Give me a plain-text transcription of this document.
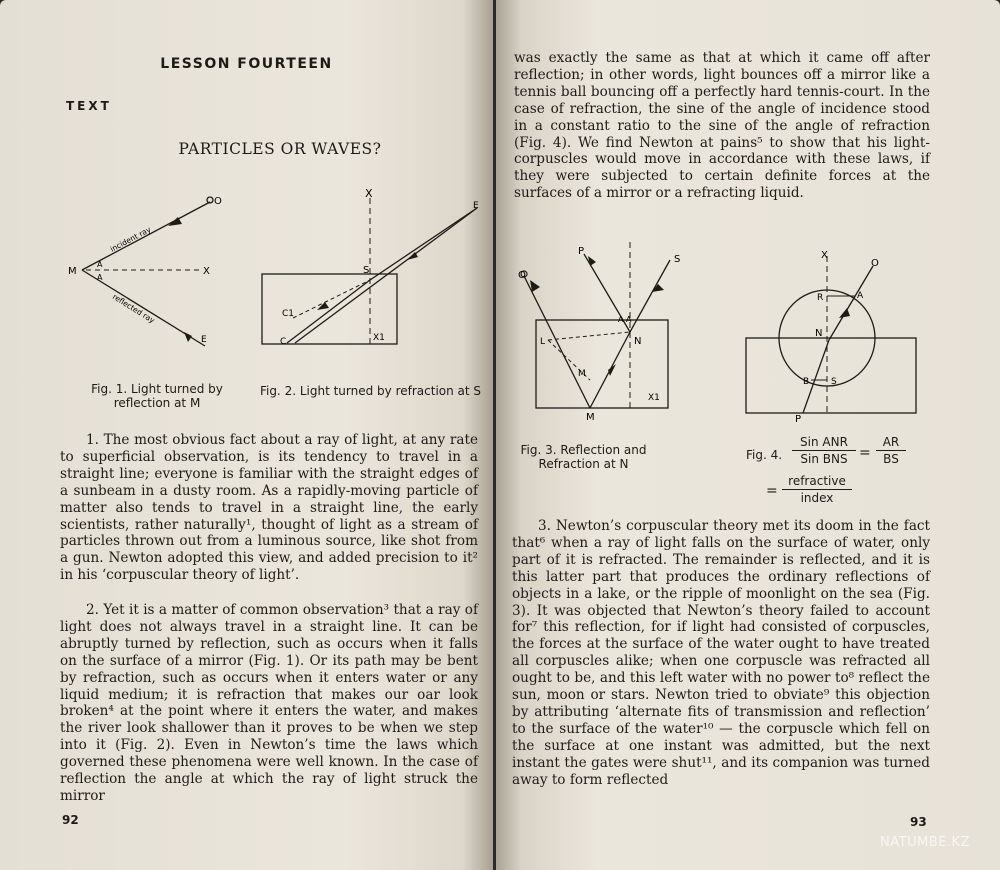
LESSON FOURTEEN

TEXT

PARTICLES OR WAVES?

M
O
X
E
A
A
incident ray
reflected ray
Fig. 1. Light turned by reflection at M
X
E
S
C1
C	X1
Fig. 2. Light turned by refraction at S

1. The most obvious fact about a ray of light, at any rate to superficial observation, is its tendency to travel in a straight line; everyone is familiar with the straight edges of a sunbeam in a dusty room. As a rapidly-moving particle of matter also tends to travel in a straight line, the early scientists, rather naturally¹, thought of light as a stream of particles thrown out from a luminous source, like shot from a gun. Newton adopted this view, and added precision to it² in his ‘corpuscular theory of light’.

2. Yet it is a matter of common observation³ that a ray of light does not always travel in a straight line. It can be abruptly turned by reflection, such as occurs when it falls on the surface of a mirror (Fig. 1). Or its path may be bent by refraction, such as occurs when it enters water or any liquid medium; it is refraction that makes our oar look broken⁴ at the point where it enters the water, and makes the river look shallower than it proves to be when we step into it (Fig. 2). Even in Newton’s time the laws which governed these phenomena were well known. In the case of reflection the angle at which the ray of light struck the mirror

92

was exactly the same as that at which it came off after reflection; in other words, light bounces off a mirror like a tennis ball bouncing off a perfectly hard tennis-court. In the case of refraction, the sine of the angle of incidence stood in a constant ratio to the sine of the angle of refraction (Fig. 4). We find Newton at pains⁵ to show that his light-corpuscles would move in accordance with these laws, if they were subjected to certain definite forces at the surfaces of a mirror or a refracting liquid.

O
P
S
L
A A
N
M
M
X1
Fig. 3. Reflection and Refraction at N
X
O
R	A
N
B S
P
Fig. 4.
Sin ANR
Sin BNS =
AR
BS
=
refractive
index

3. Newton’s corpuscular theory met its doom in the fact that⁶ when a ray of light falls on the surface of water, only part of it is refracted. The remainder is reflected, and it is this latter part that produces the ordinary reflections of objects in a lake, or the ripple of moonlight on the sea (Fig. 3). It was objected that Newton’s theory failed to account for⁷ this reflection, for if light had consisted of corpuscles, the forces at the surface of the water ought to have treated all corpuscles alike; when one corpuscle was refracted all ought to be, and this left water with no power to⁸ reflect the sun, moon or stars. Newton tried to obviate⁹ this objection by attributing ‘alternate fits of transmission and reflection’ to the surface of the water¹⁰ — the corpuscle which fell on the surface at one instant was admitted, but the next instant the gates were shut¹¹, and its companion was turned away to form reflected

93

NATUMBE.KZ
